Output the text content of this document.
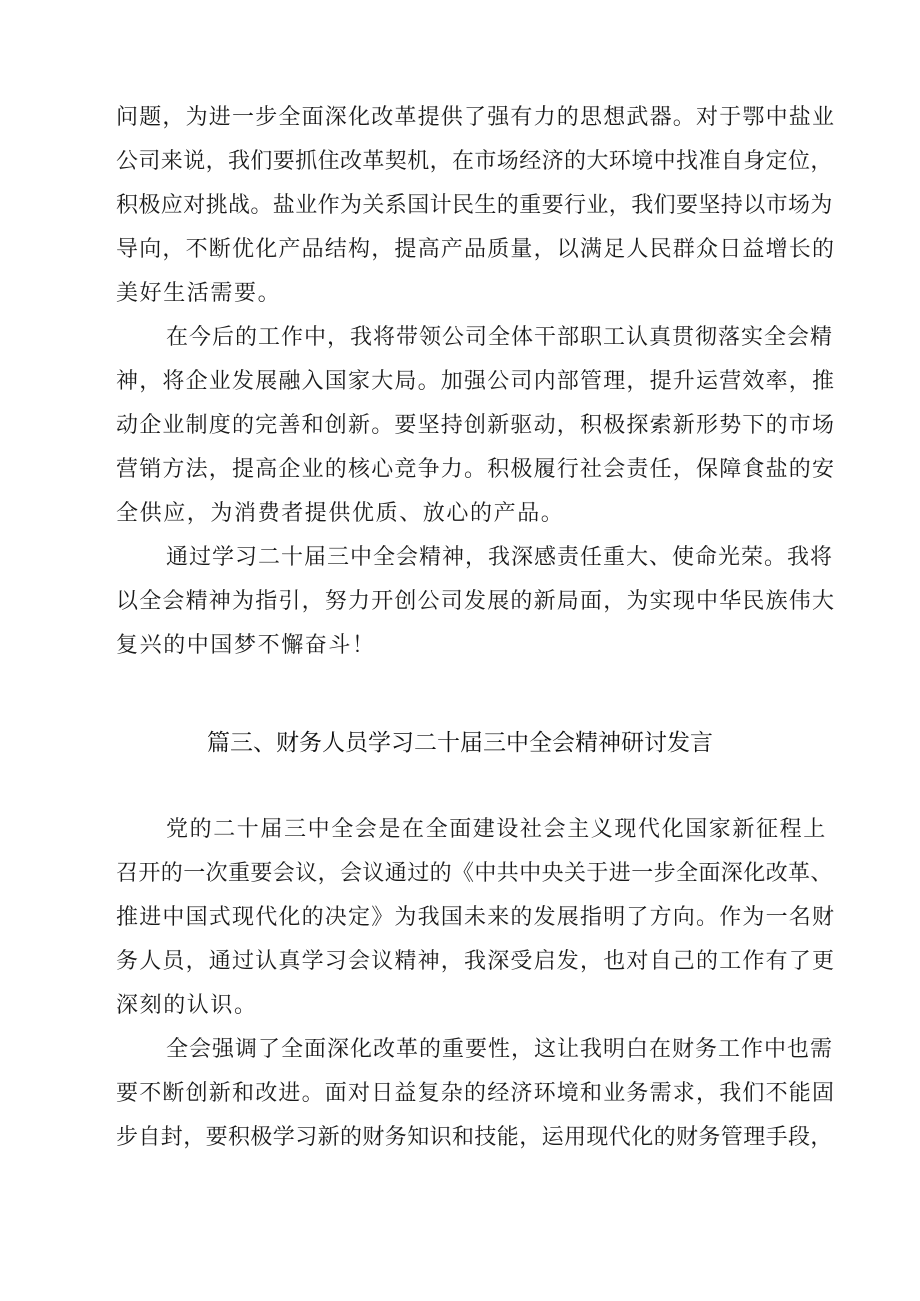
问题，为进一步全面深化改革提供了强有力的思想武器。对于鄂中盐业
公司来说，我们要抓住改革契机，在市场经济的大环境中找准自身定位，
积极应对挑战。盐业作为关系国计民生的重要行业，我们要坚持以市场为
导向，不断优化产品结构，提高产品质量，以满足人民群众日益增长的
美好生活需要。
在今后的工作中，我将带领公司全体干部职工认真贯彻落实全会精
神，将企业发展融入国家大局。加强公司内部管理，提升运营效率，推
动企业制度的完善和创新。要坚持创新驱动，积极探索新形势下的市场
营销方法，提高企业的核心竞争力。积极履行社会责任，保障食盐的安
全供应，为消费者提供优质、放心的产品。
通过学习二十届三中全会精神，我深感责任重大、使命光荣。我将
以全会精神为指引，努力开创公司发展的新局面，为实现中华民族伟大
复兴的中国梦不懈奋斗！
篇三、财务人员学习二十届三中全会精神研讨发言
党的二十届三中全会是在全面建设社会主义现代化国家新征程上
召开的一次重要会议，会议通过的《中共中央关于进一步全面深化改革、
推进中国式现代化的决定》为我国未来的发展指明了方向。作为一名财
务人员，通过认真学习会议精神，我深受启发，也对自己的工作有了更
深刻的认识。
全会强调了全面深化改革的重要性，这让我明白在财务工作中也需
要不断创新和改进。面对日益复杂的经济环境和业务需求，我们不能固
步自封，要积极学习新的财务知识和技能，运用现代化的财务管理手段，
